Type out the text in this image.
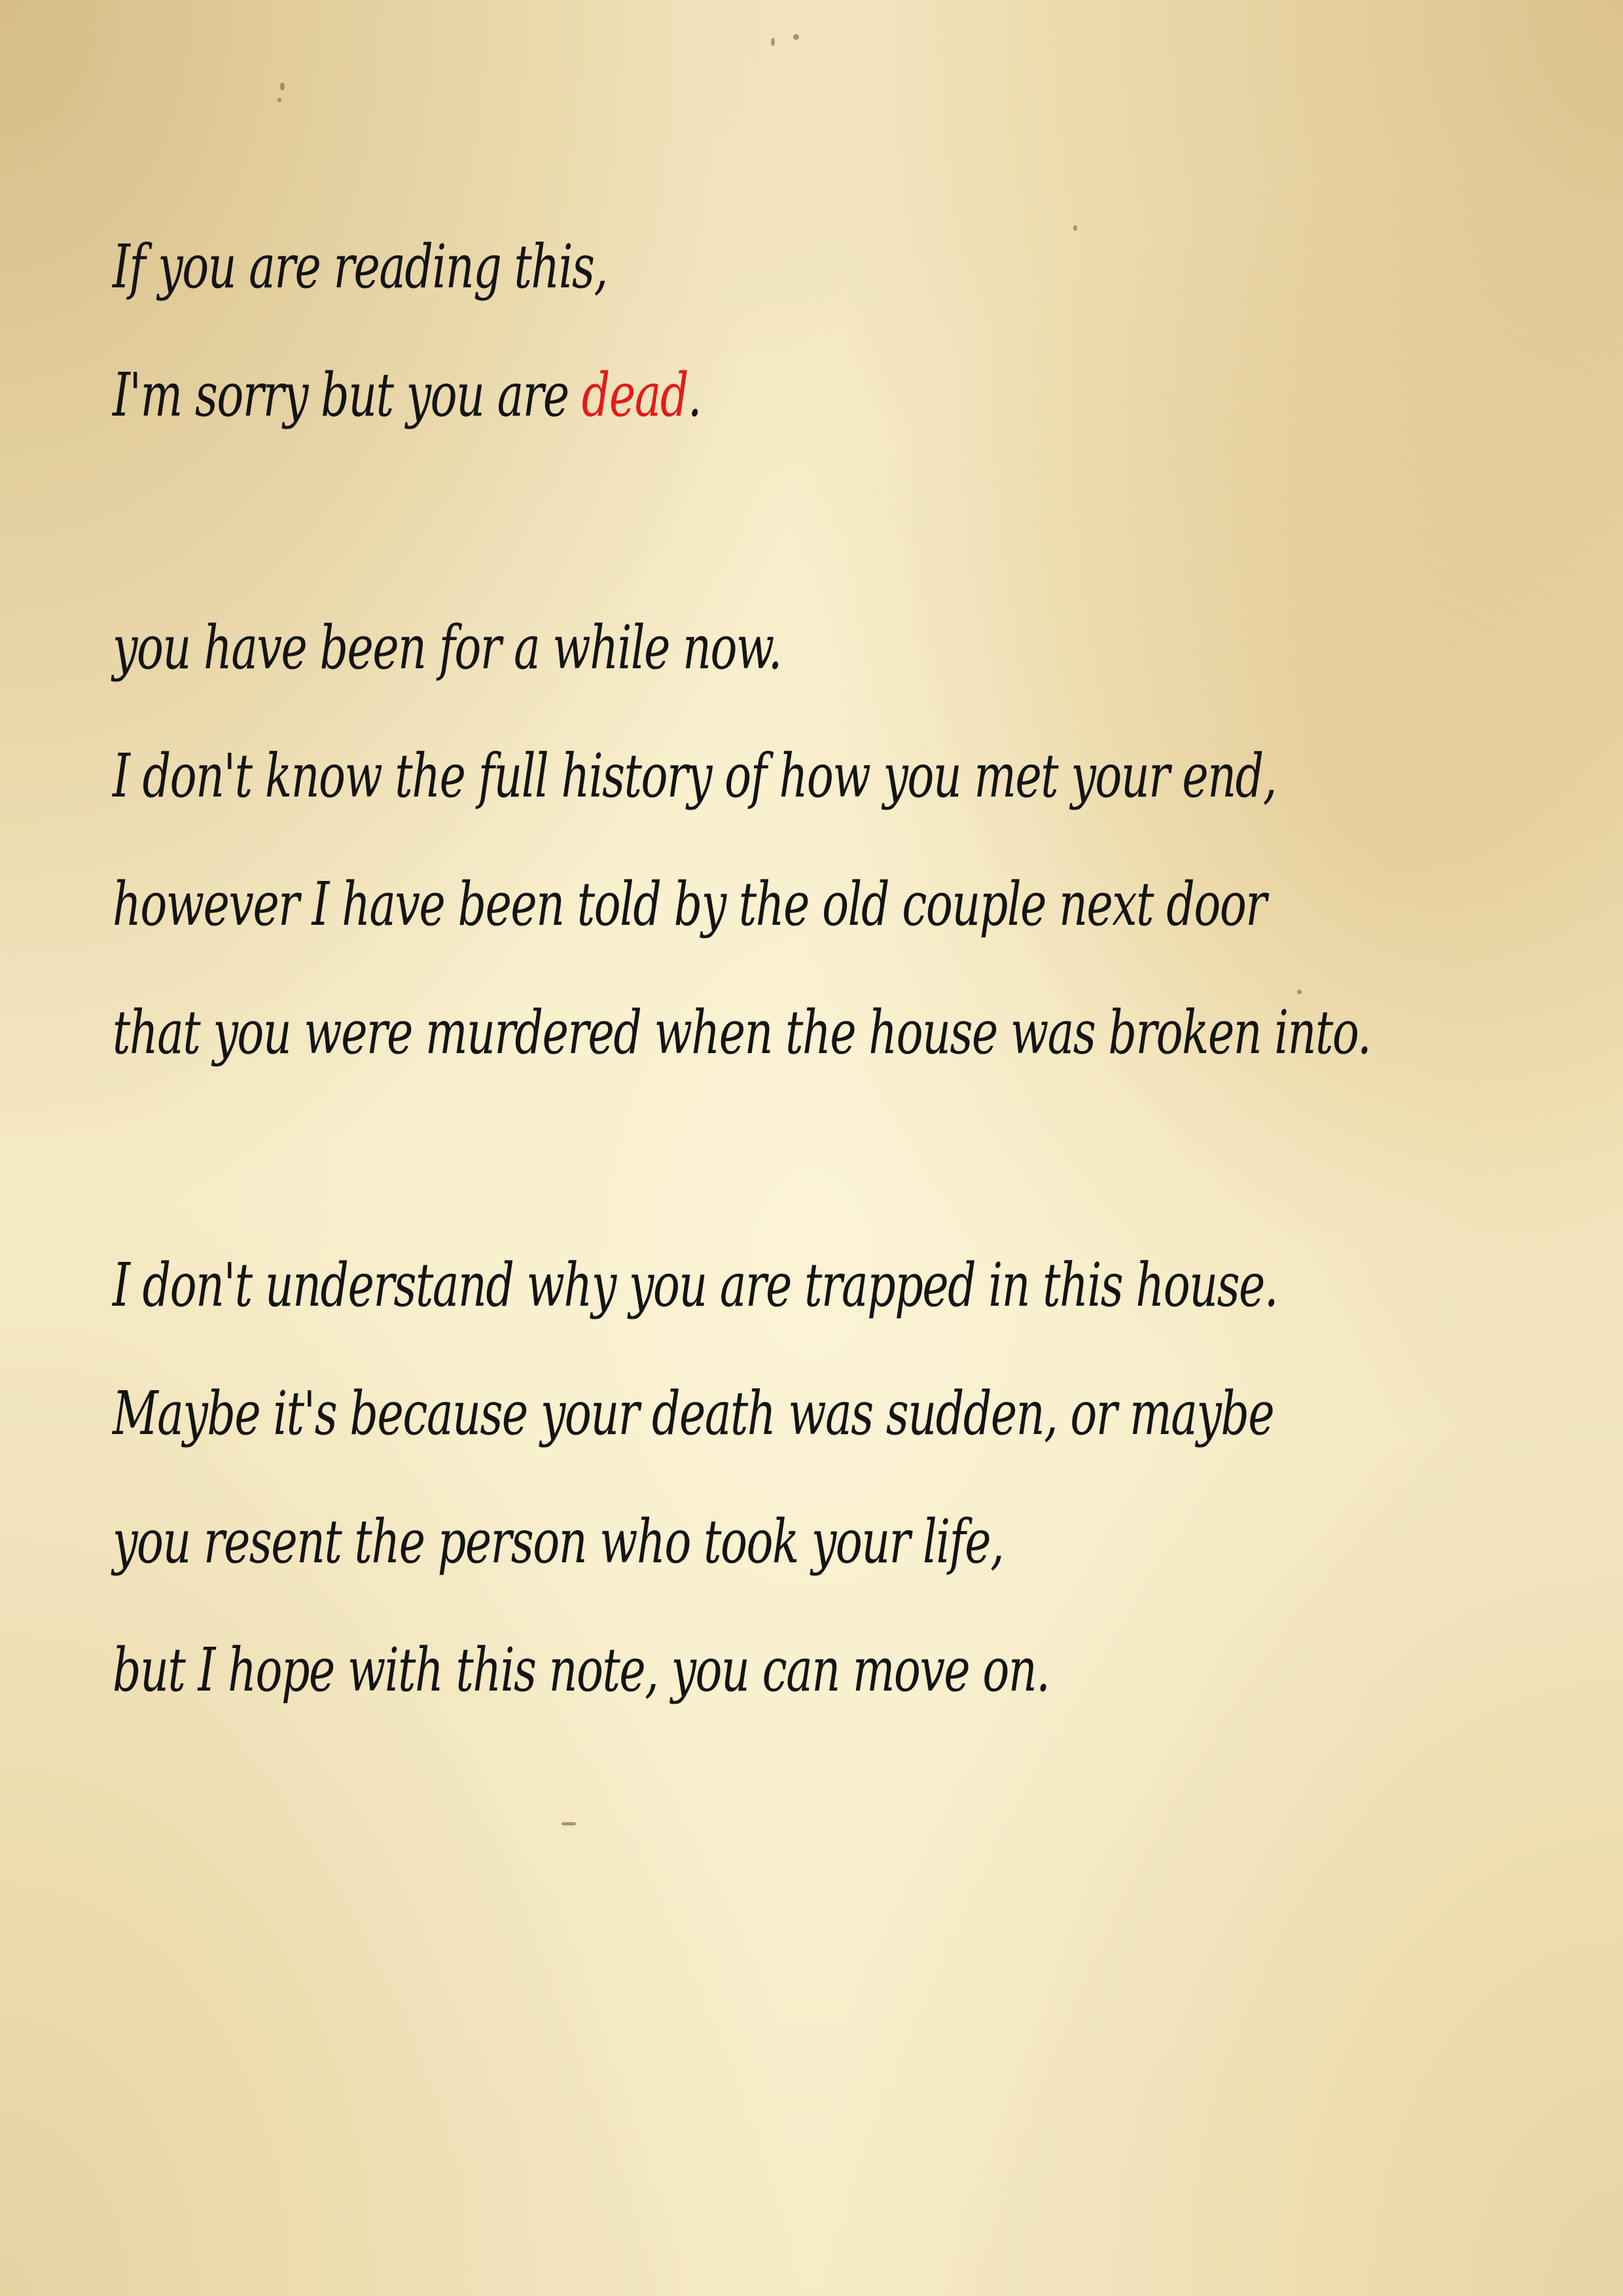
If you are reading this,
I'm sorry but you are dead.
you have been for a while now.
I don't know the full history of how you met your end,
however I have been told by the old couple next door
that you were murdered when the house was broken into.
I don't understand why you are trapped in this house.
Maybe it's because your death was sudden, or maybe
you resent the person who took your life,
but I hope with this note, you can move on.
